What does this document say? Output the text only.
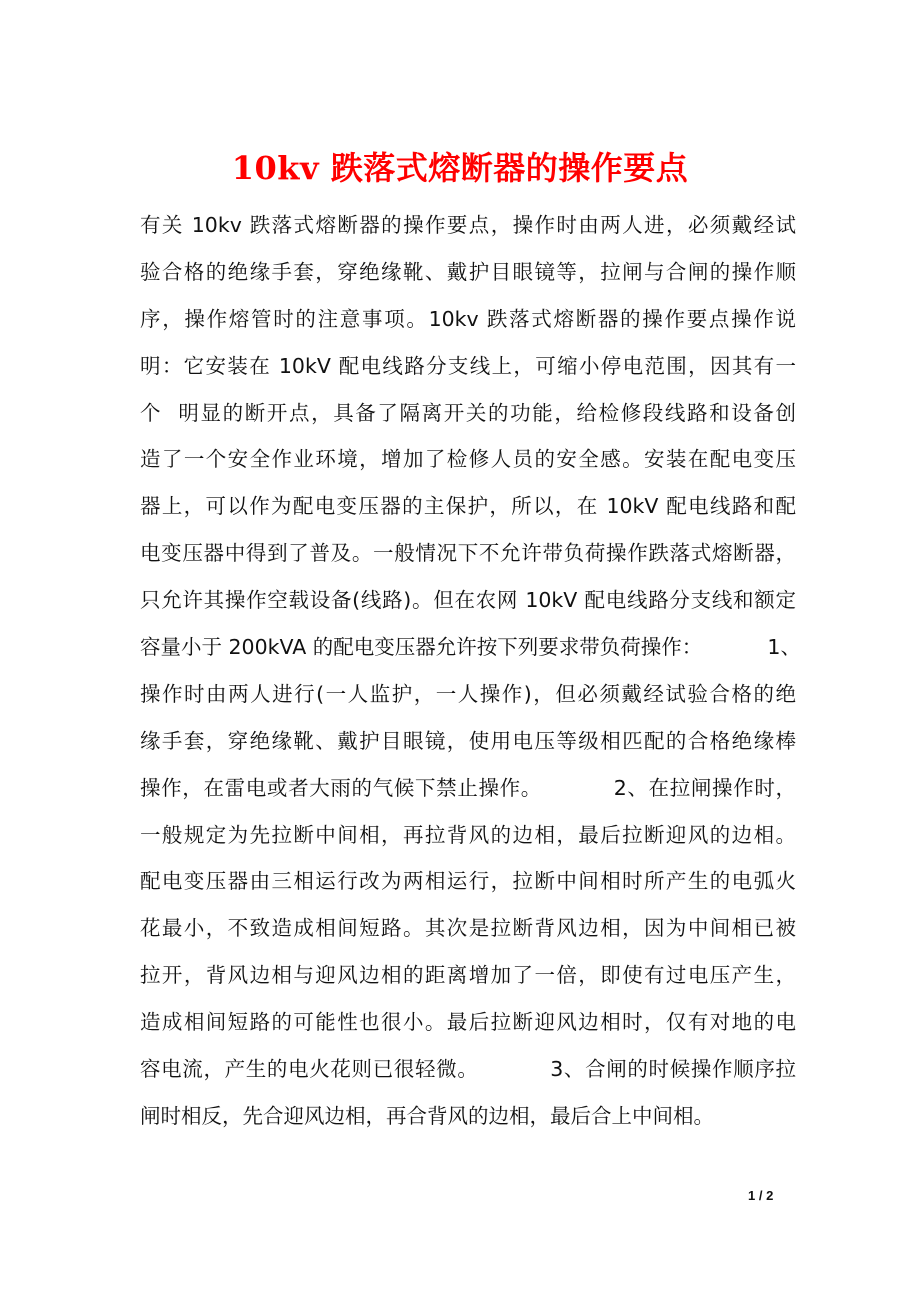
10kv 跌落式熔断器的操作要点
有关 10kv 跌落式熔断器的操作要点，操作时由两人进，必须戴经试
验合格的绝缘手套，穿绝缘靴、戴护目眼镜等，拉闸与合闸的操作顺
序，操作熔管时的注意事项。10kv 跌落式熔断器的操作要点操作说
明：它安装在 10kV 配电线路分支线上，可缩小停电范围，因其有一
个  明显的断开点，具备了隔离开关的功能，给检修段线路和设备创
造了一个安全作业环境，增加了检修人员的安全感。安装在配电变压
器上，可以作为配电变压器的主保护，所以，在 10kV 配电线路和配
电变压器中得到了普及。一般情况下不允许带负荷操作跌落式熔断器，
只允许其操作空载设备(线路)。但在农网 10kV 配电线路分支线和额定
容量小于 200kVA 的配电变压器允许按下列要求带负荷操作：          1、
操作时由两人进行(一人监护，一人操作)，但必须戴经试验合格的绝
缘手套，穿绝缘靴、戴护目眼镜，使用电压等级相匹配的合格绝缘棒
操作，在雷电或者大雨的气候下禁止操作。          2、在拉闸操作时，
一般规定为先拉断中间相，再拉背风的边相，最后拉断迎风的边相。
配电变压器由三相运行改为两相运行，拉断中间相时所产生的电弧火
花最小，不致造成相间短路。其次是拉断背风边相，因为中间相已被
拉开，背风边相与迎风边相的距离增加了一倍，即使有过电压产生，
造成相间短路的可能性也很小。最后拉断迎风边相时，仅有对地的电
容电流，产生的电火花则已很轻微。          3、合闸的时候操作顺序拉
闸时相反，先合迎风边相，再合背风的边相，最后合上中间相。
1 / 2
